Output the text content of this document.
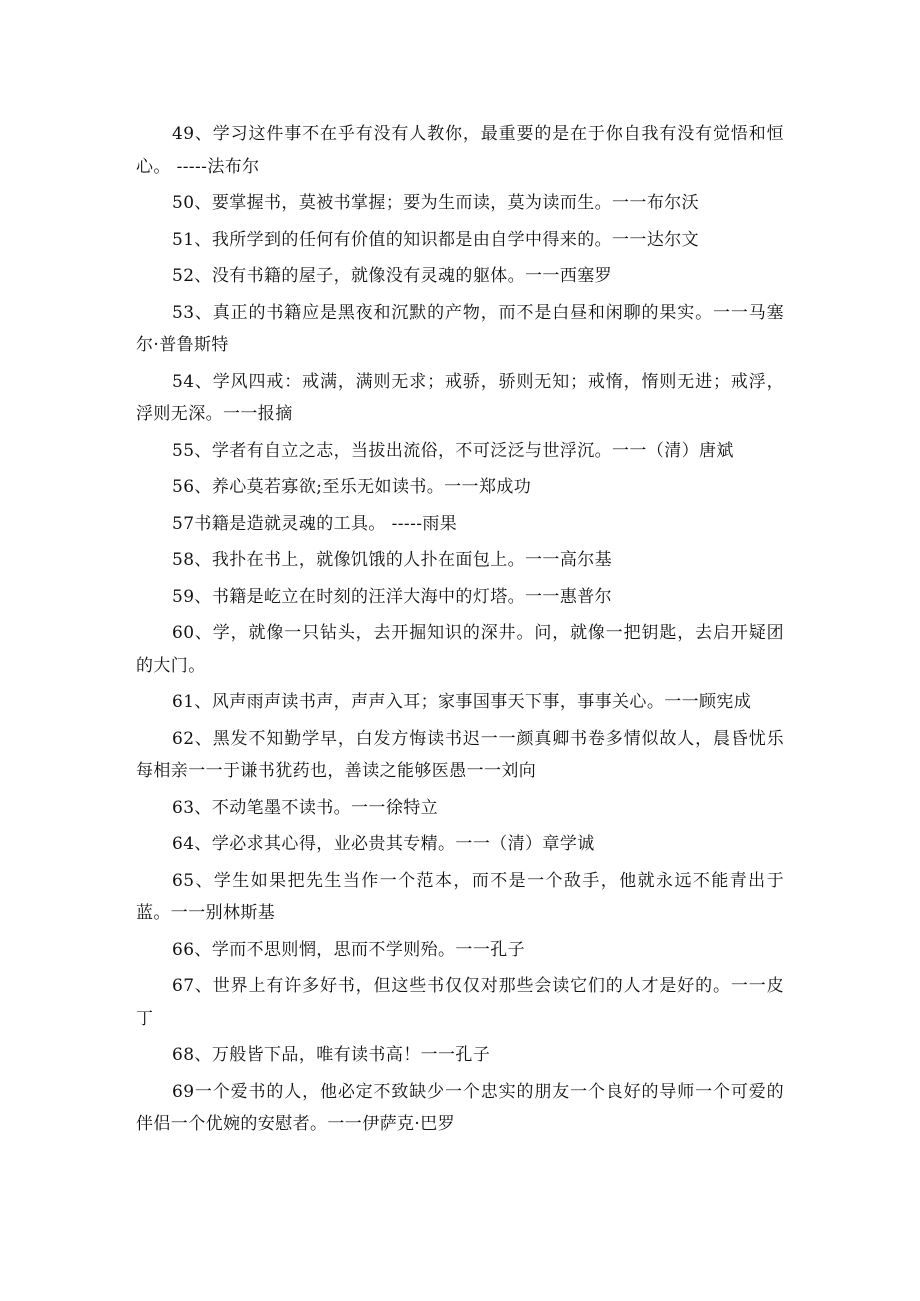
49、学习这件事不在乎有没有人教你，最重要的是在于你自我有没有觉悟和恒心。 -----法布尔

50、要掌握书，莫被书掌握；要为生而读，莫为读而生。一一布尔沃

51、我所学到的任何有价值的知识都是由自学中得来的。一一达尔文

52、没有书籍的屋子，就像没有灵魂的躯体。一一西塞罗

53、真正的书籍应是黑夜和沉默的产物，而不是白昼和闲聊的果实。一一马塞尔·普鲁斯特

54、学风四戒：戒满，满则无求；戒骄，骄则无知；戒惰，惰则无进；戒浮，浮则无深。一一报摘

55、学者有自立之志，当拔出流俗，不可泛泛与世浮沉。一一（清）唐斌

56、养心莫若寡欲;至乐无如读书。一一郑成功

57书籍是造就灵魂的工具。 -----雨果

58、我扑在书上，就像饥饿的人扑在面包上。一一高尔基

59、书籍是屹立在时刻的汪洋大海中的灯塔。一一惠普尔

60、学，就像一只钻头，去开掘知识的深井。问，就像一把钥匙，去启开疑团的大门。

61、风声雨声读书声，声声入耳；家事国事天下事，事事关心。一一顾宪成

62、黑发不知勤学早，白发方悔读书迟一一颜真卿书卷多情似故人，晨昏忧乐每相亲一一于谦书犹药也，善读之能够医愚一一刘向

63、不动笔墨不读书。一一徐特立

64、学必求其心得，业必贵其专精。一一（清）章学诚

65、学生如果把先生当作一个范本，而不是一个敌手，他就永远不能青出于蓝。一一别林斯基

66、学而不思则惘，思而不学则殆。一一孔子

67、世界上有许多好书，但这些书仅仅对那些会读它们的人才是好的。一一皮丁

68、万般皆下品，唯有读书高！一一孔子

69一个爱书的人，他必定不致缺少一个忠实的朋友一个良好的导师一个可爱的伴侣一个优婉的安慰者。一一伊萨克·巴罗
